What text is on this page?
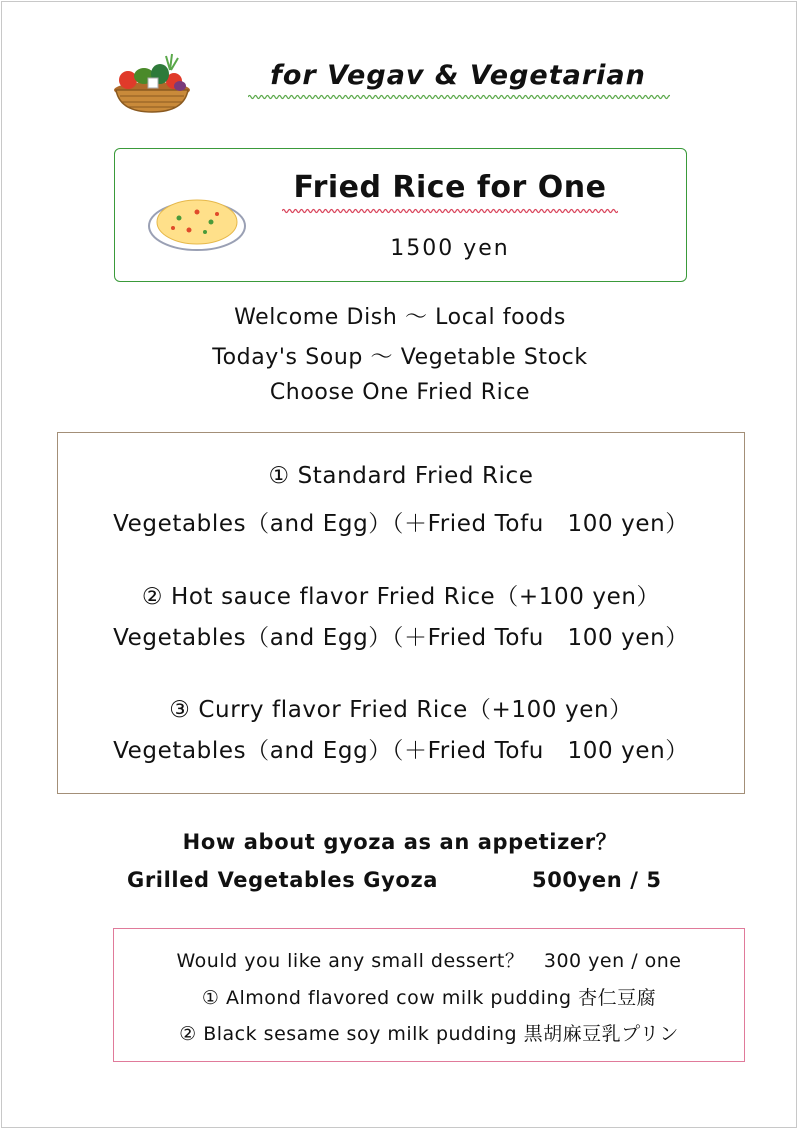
for Vegav & Vegetarian
Fried Rice for One
1500 yen
Welcome Dish ～ Local foods
Today's Soup ～ Vegetable Stock
Choose One Fried Rice
① Standard Fried Rice
Vegetables（and Egg）（＋Fried Tofu　100 yen）
② Hot sauce flavor Fried Rice（+100 yen）
Vegetables（and Egg）（＋Fried Tofu　100 yen）
③ Curry flavor Fried Rice（+100 yen）
Vegetables（and Egg）（＋Fried Tofu　100 yen）
How about gyoza as an appetizer？
Grilled Vegetables Gyoza	500yen / 5
Would you like any small dessert？　300 yen / one
① Almond flavored cow milk pudding 杏仁豆腐
② Black sesame soy milk pudding 黒胡麻豆乳プリン
